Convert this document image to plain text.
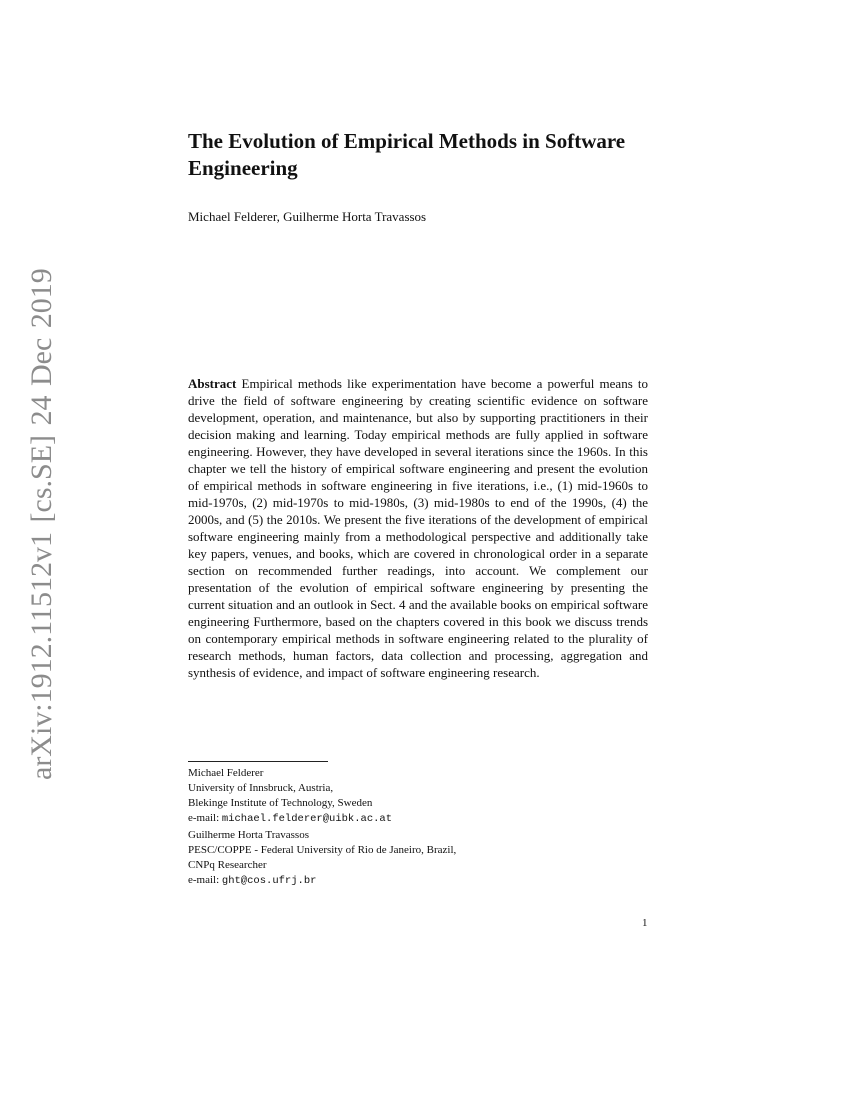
arXiv:1912.11512v1 [cs.SE] 24 Dec 2019
The Evolution of Empirical Methods in Software Engineering
Michael Felderer, Guilherme Horta Travassos

Abstract Empirical methods like experimentation have become a powerful means to drive the field of software engineering by creating scientific evidence on software development, operation, and maintenance, but also by supporting practitioners in their decision making and learning. Today empirical methods are fully applied in software engineering. However, they have developed in several iterations since the 1960s. In this chapter we tell the history of empirical software engineering and present the evolution of empirical methods in software engineering in five iterations, i.e., (1) mid-1960s to mid-1970s, (2) mid-1970s to mid-1980s, (3) mid-1980s to end of the 1990s, (4) the 2000s, and (5) the 2010s. We present the five iterations of the development of empirical software engineering mainly from a methodological perspective and additionally take key papers, venues, and books, which are covered in chronological order in a separate section on recommended further readings, into account. We complement our presentation of the evolution of empirical software engineering by presenting the current situation and an outlook in Sect. 4 and the available books on empirical software engineering Furthermore, based on the chapters covered in this book we discuss trends on contemporary empirical methods in software engineering related to the plurality of research methods, human factors, data collection and processing, aggregation and synthesis of evidence, and impact of software engineering research.

Michael Felderer
University of Innsbruck, Austria,
Blekinge Institute of Technology, Sweden
e-mail: michael.felderer@uibk.ac.at
Guilherme Horta Travassos
PESC/COPPE - Federal University of Rio de Janeiro, Brazil,
CNPq Researcher
e-mail: ght@cos.ufrj.br
1
